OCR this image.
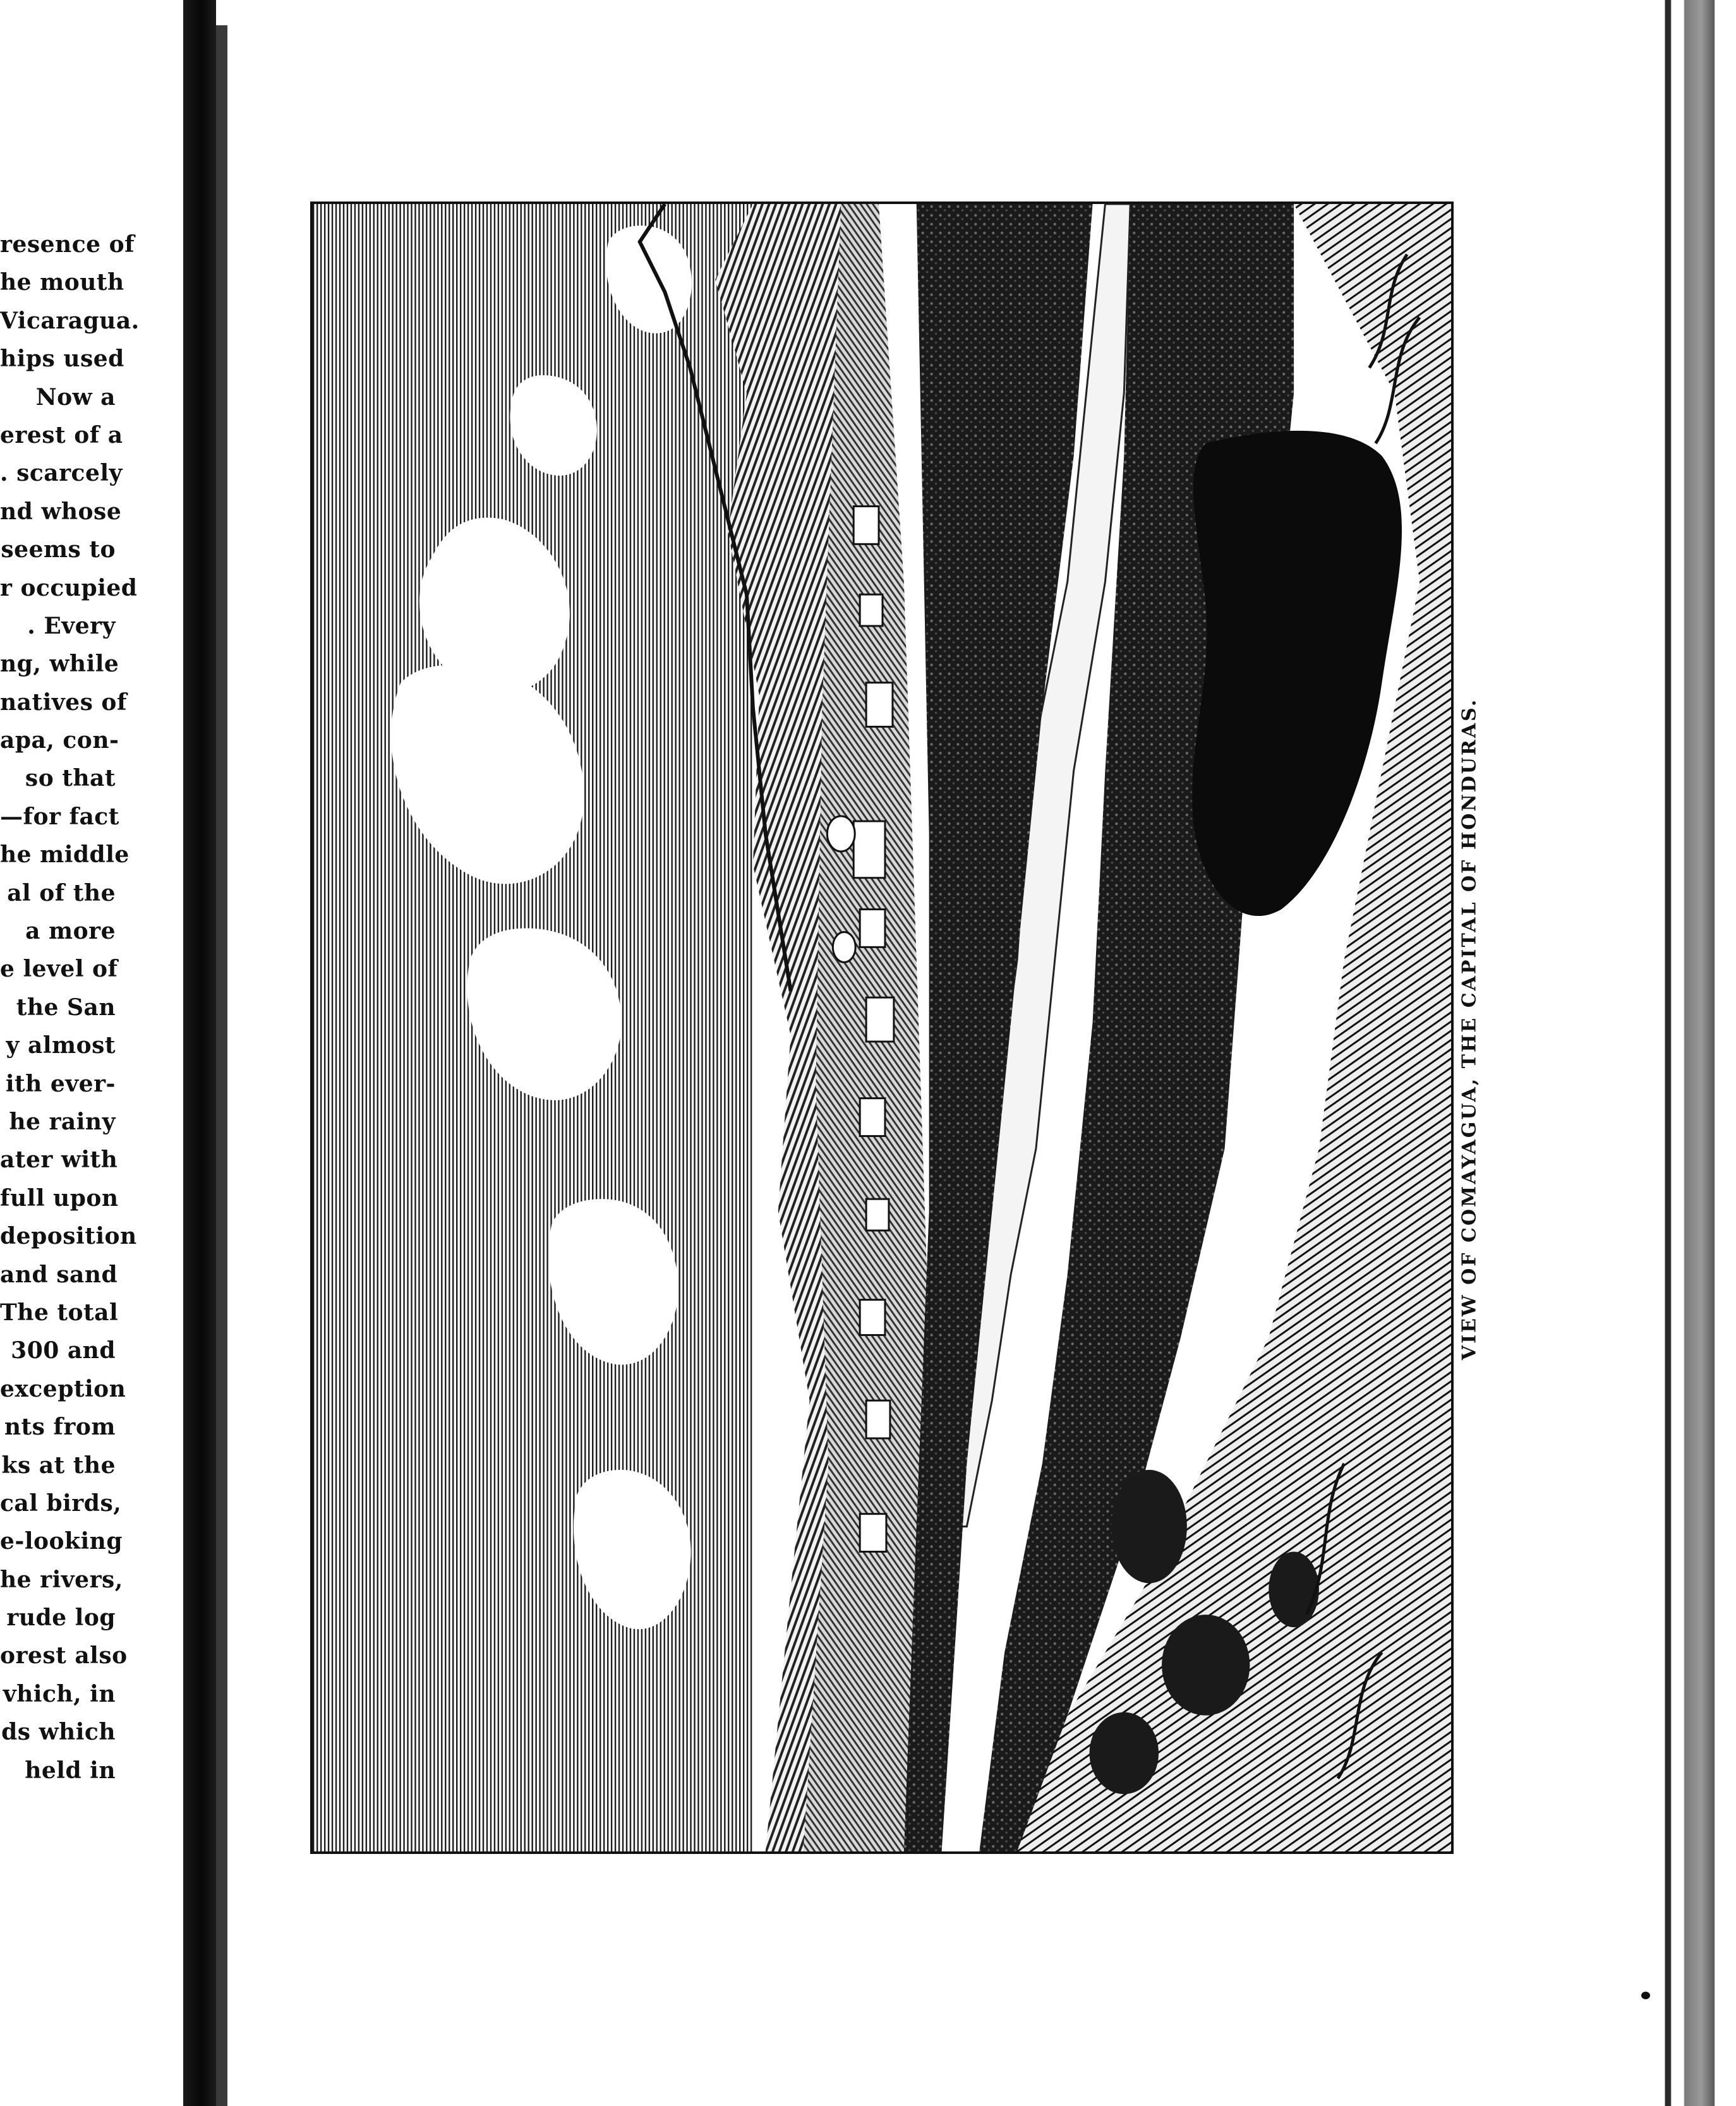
resence of
he mouth
Vicaragua.
hips used
Now a
erest of a
. scarcely
nd whose
seems to
r occupied
. Every
ng, while
natives of
apa, con-
so that
—for fact
he middle
al of the
a more
e level of
the San
y almost
ith ever-
he rainy
ater with
full upon
deposition
and sand
The total
300 and
exception
nts from
ks at the
cal birds,
e-looking
he rivers,
rude log
orest also
vhich, in
ds which
held in
VIEW OF COMAYAGUA, THE CAPITAL OF HONDURAS.
